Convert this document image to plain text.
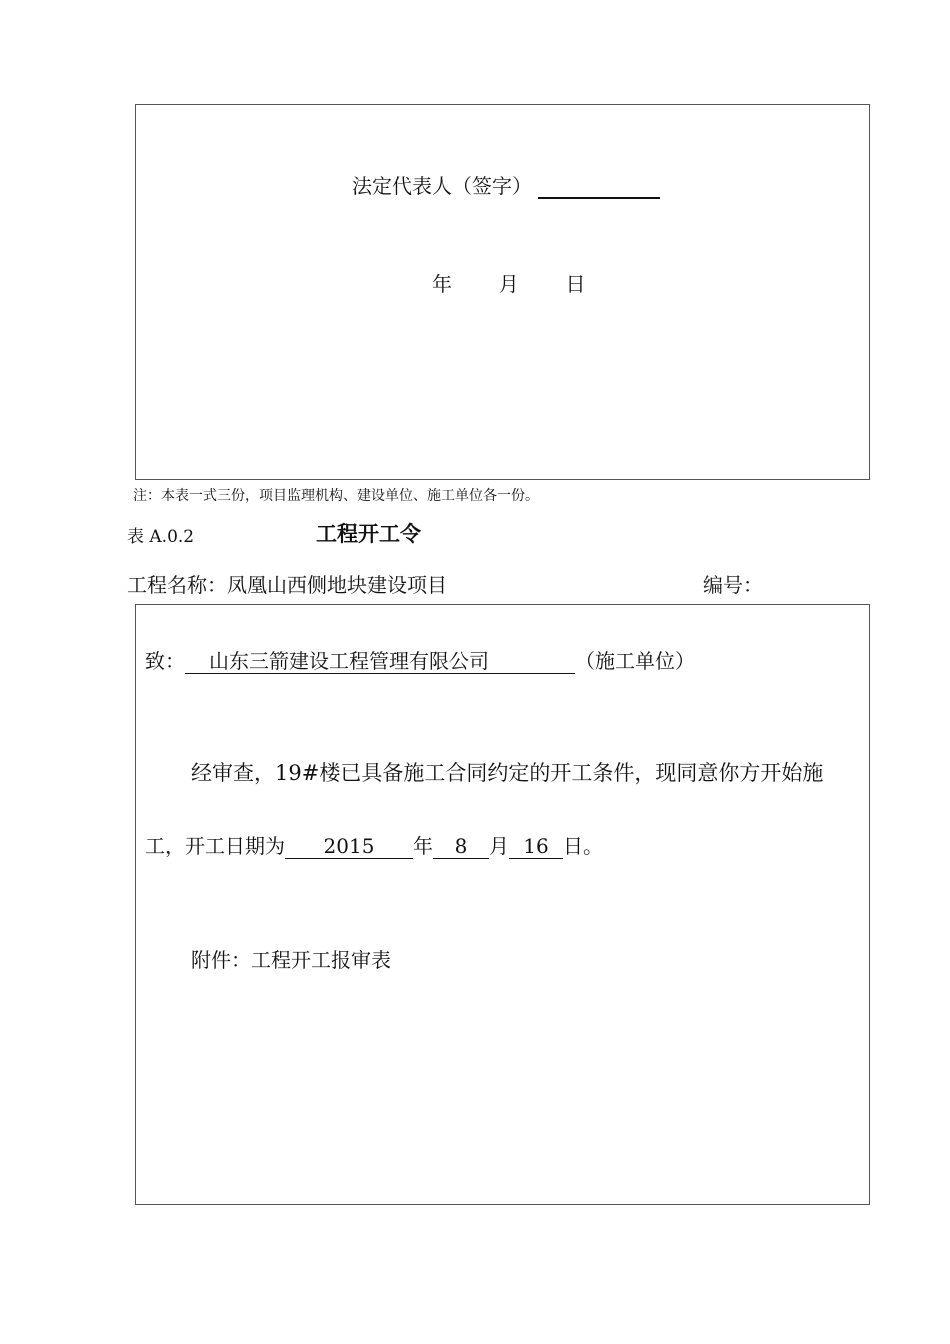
法定代表人（签字）
年 月 日
注：本表一式三份，项目监理机构、建设单位、施工单位各一份。
表 A.0.2	工程开工令
工程名称：凤凰山西侧地块建设项目	编号：
致： 山东三箭建设工程管理有限公司	（施工单位）
经审查，19#楼已具备施工合同约定的开工条件，现同意你方开始施
工，开工日期为 2015 年 8 月 16 日。
附件：工程开工报审表
